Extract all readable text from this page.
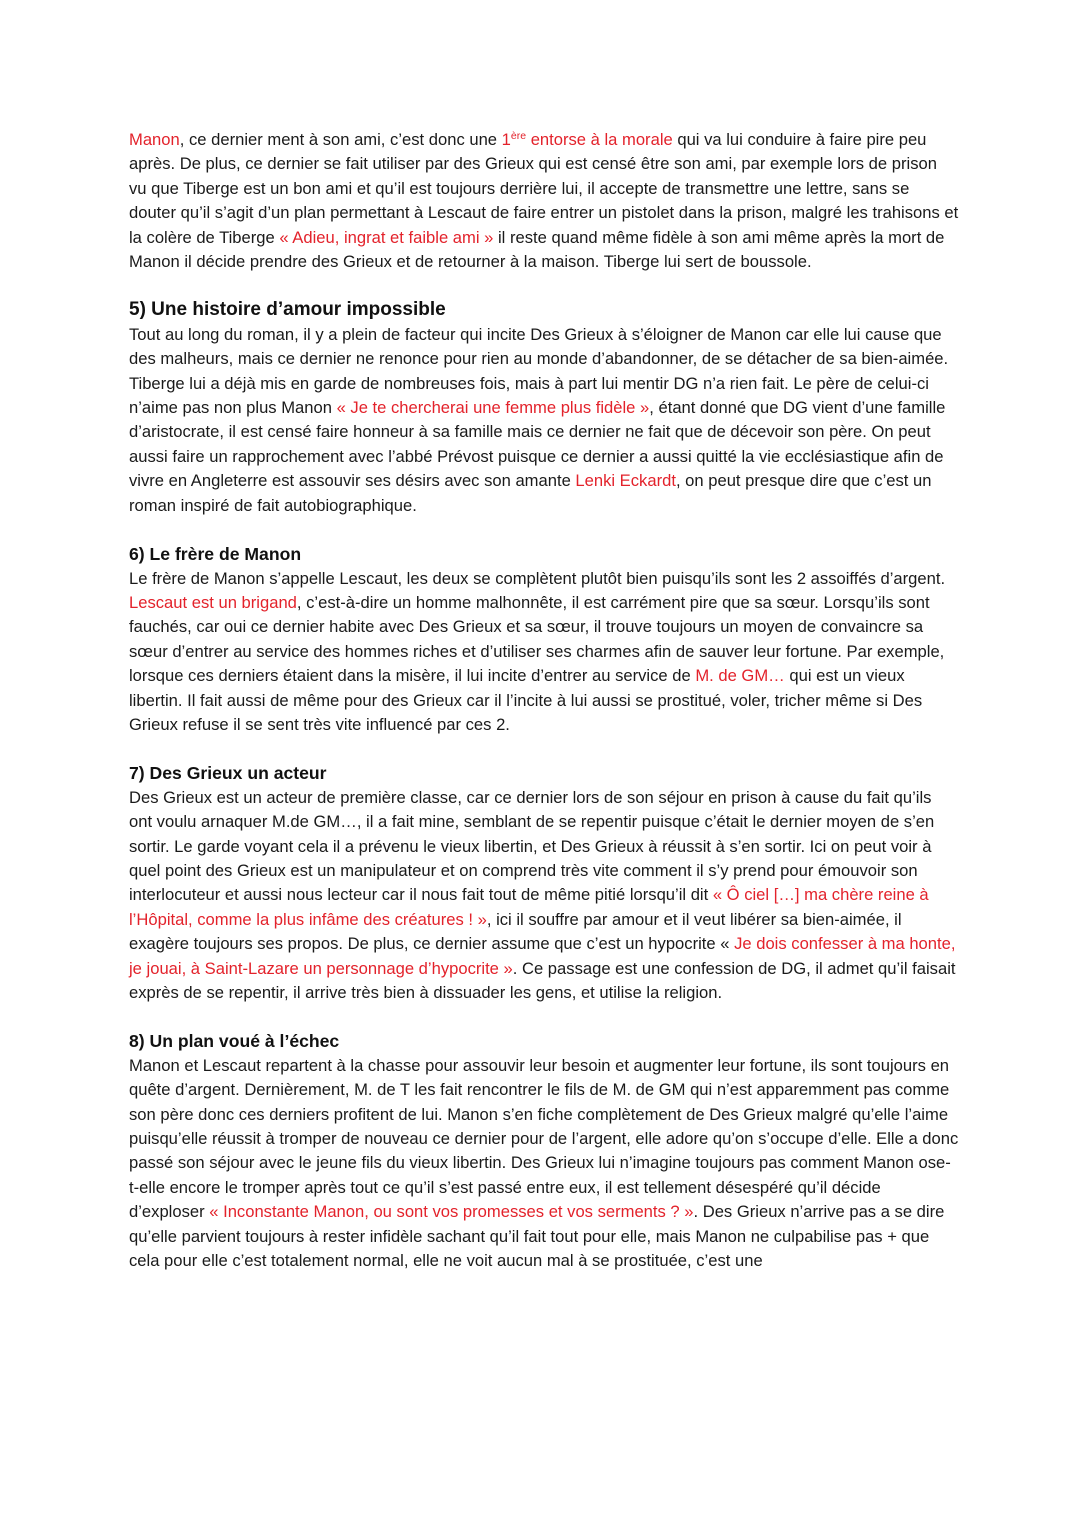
Manon, ce dernier ment à son ami, c’est donc une 1ère entorse à la morale qui va lui conduire à faire pire peu après. De plus, ce dernier se fait utiliser par des Grieux qui est censé être son ami, par exemple lors de prison vu que Tiberge est un bon ami et qu’il est toujours derrière lui, il accepte de transmettre une lettre, sans se douter qu’il s’agit d’un plan permettant à Lescaut de faire entrer un pistolet dans la prison, malgré les trahisons et la colère de Tiberge « Adieu, ingrat et faible ami » il reste quand même fidèle à son ami même après la mort de Manon il décide prendre des Grieux et de retourner à la maison. Tiberge lui sert de boussole.

5) Une histoire d’amour impossible

Tout au long du roman, il y a plein de facteur qui incite Des Grieux à s’éloigner de Manon car elle lui cause que des malheurs, mais ce dernier ne renonce pour rien au monde d’abandonner, de se détacher de sa bien-aimée. Tiberge lui a déjà mis en garde de nombreuses fois, mais à part lui mentir DG n’a rien fait. Le père de celui-ci n’aime pas non plus Manon « Je te chercherai une femme plus fidèle », étant donné que DG vient d’une famille d’aristocrate, il est censé faire honneur à sa famille mais ce dernier ne fait que de décevoir son père. On peut aussi faire un rapprochement avec l’abbé Prévost puisque ce dernier a aussi quitté la vie ecclésiastique afin de vivre en Angleterre est assouvir ses désirs avec son amante Lenki Eckardt, on peut presque dire que c’est un roman inspiré de fait autobiographique.

6) Le frère de Manon

Le frère de Manon s’appelle Lescaut, les deux se complètent plutôt bien puisqu’ils sont les 2 assoiffés d’argent. Lescaut est un brigand, c’est-à-dire un homme malhonnête, il est carrément pire que sa sœur. Lorsqu’ils sont fauchés, car oui ce dernier habite avec Des Grieux et sa sœur, il trouve toujours un moyen de convaincre sa sœur d’entrer au service des hommes riches et d’utiliser ses charmes afin de sauver leur fortune. Par exemple, lorsque ces derniers étaient dans la misère, il lui incite d’entrer au service de M. de GM… qui est un vieux libertin. Il fait aussi de même pour des Grieux car il l’incite à lui aussi se prostitué, voler, tricher même si Des Grieux refuse il se sent très vite influencé par ces 2.

7) Des Grieux un acteur

Des Grieux est un acteur de première classe, car ce dernier lors de son séjour en prison à cause du fait qu’ils ont voulu arnaquer M.de GM…, il a fait mine, semblant de se repentir puisque c’était le dernier moyen de s’en sortir. Le garde voyant cela il a prévenu le vieux libertin, et Des Grieux à réussit à s’en sortir. Ici on peut voir à quel point des Grieux est un manipulateur et on comprend très vite comment il s’y prend pour émouvoir son interlocuteur et aussi nous lecteur car il nous fait tout de même pitié lorsqu’il dit « Ô ciel […] ma chère reine à l’Hôpital, comme la plus infâme des créatures ! », ici il souffre par amour et il veut libérer sa bien-aimée, il exagère toujours ses propos. De plus, ce dernier assume que c’est un hypocrite « Je dois confesser à ma honte, je jouai, à Saint-Lazare un personnage d’hypocrite ». Ce passage est une confession de DG, il admet qu’il faisait exprès de se repentir, il arrive très bien à dissuader les gens, et utilise la religion.

8) Un plan voué à l’échec

Manon et Lescaut repartent à la chasse pour assouvir leur besoin et augmenter leur fortune, ils sont toujours en quête d’argent. Dernièrement, M. de T les fait rencontrer le fils de M. de GM qui n’est apparemment pas comme son père donc ces derniers profitent de lui. Manon s’en fiche complètement de Des Grieux malgré qu’elle l’aime puisqu’elle réussit à tromper de nouveau ce dernier pour de l’argent, elle adore qu’on s’occupe d’elle. Elle a donc passé son séjour avec le jeune fils du vieux libertin. Des Grieux lui n’imagine toujours pas comment Manon ose-t-elle encore le tromper après tout ce qu’il s’est passé entre eux, il est tellement désespéré qu’il décide d’exploser « Inconstante Manon, ou sont vos promesses et vos serments ? ». Des Grieux n’arrive pas a se dire qu’elle parvient toujours à rester infidèle sachant qu’il fait tout pour elle, mais Manon ne culpabilise pas + que cela pour elle c’est totalement normal, elle ne voit aucun mal à se prostituée, c’est une
